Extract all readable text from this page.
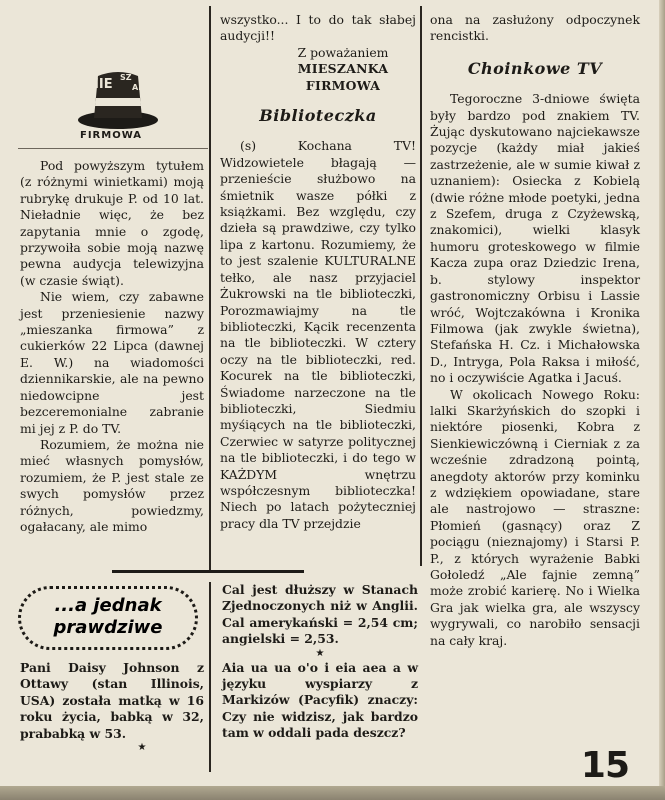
MIE SZ
AN
FIRMOWA

Pod powyższym tytułem (z różnymi winietkami) moją rubrykę drukuje P. od 10 lat. Nieładnie więc, że bez zapytania mnie o zgodę, przywoiła sobie moją nazwę pewna audycja telewizyjna (w czasie świąt).

Nie wiem, czy zabawne jest przeniesienie nazwy „mieszanka firmowa” z cukierków 22 Lipca (dawnej E. W.) na wiadomości dziennikarskie, ale na pewno niedowcipne jest bezceremonialne zabranie mi jej z P. do TV.

Rozumiem, że można nie mieć własnych pomysłów, rozumiem, że P. jest stale ze swych pomysłów przez różnych, powiedzmy, ogałacany, ale mimo

wszystko... I to do tak słabej audycji!!

Z poważaniem

MIESZANKA

FIRMOWA

Biblioteczka

(s) Kochana TV! Widzowietele błagają — przenieście służbowo na śmietnik wasze półki z książkami. Bez względu, czy dzieła są prawdziwe, czy tylko lipa z kartonu. Rozumiemy, że to jest szalenie KULTURALNE tełko, ale nasz przyjaciel Żukrowski na tle biblioteczki, Porozmawiajmy na tle biblioteczki, Kącik recenzenta na tle biblioteczki. W cztery oczy na tle biblioteczki, red. Kocurek na tle biblioteczki, Świadome narzeczone na tle biblioteczki, Siedmiu myśiących na tle biblioteczki, Czerwiec w satyrze politycznej na tle biblioteczki, i do tego w KAŻDYM wnętrzu współczesnym biblioteczka! Niech po latach pożyteczniej pracy dla TV przejdzie

ona na zasłużony odpoczynek rencistki.

Choinkowe TV

Tegoroczne 3-dniowe święta były bardzo pod znakiem TV. Żując dyskutowano najciekawsze pozycje (każdy miał jakieś zastrzeżenie, ale w sumie kiwał z uznaniem): Osiecka z Kobielą (dwie różne młode poetyki, jedna z Szefem, druga z Czyżewską, znakomici), wielki klasyk humoru groteskowego w filmie Kacza zupa oraz Dziedzic Irena, b. stylowy inspektor gastronomiczny Orbisu i Lassie wróć, Wojtczakówna i Kronika Filmowa (jak zwykle świetna), Stefańska H. Cz. i Michałowska D., Intryga, Pola Raksa i miłość, no i oczywiście Agatka i Jacuś.

W okolicach Nowego Roku: lalki Skarżyńskich do szopki i niektóre piosenki, Kobra z Sienkiewiczówną i Cierniak z za wcześnie zdradzoną pointą, anegdoty aktorów przy kominku z wdziękiem opowiadane, stare ale nastrojowo — straszne: Płomień (gasnący) oraz Z pociągu (nieznajomy) i Starsi P. P., z których wyrażenie Babki Gołoledź „Ale fajnie zemną” może zrobić karierę. No i Wielka Gra jak wielka gra, ale wszyscy wygrywali, co narobiło sensacji na cały kraj.

...a jednak
prawdziwe

Pani Daisy Johnson z Ottawy (stan Illinois, USA) została matką w 16 roku życia, babką w 32, prababką w 53.

★

Cal jest dłuższy w Stanach Zjednoczonych niż w Anglii. Cal amerykański = 2,54 cm; angielski = 2,53.

★

Aia ua ua o'o i eia aea a w języku wyspiarzy z Markizów (Pacyfik) znaczy: Czy nie widzisz, jak bardzo tam w oddali pada deszcz?

15
